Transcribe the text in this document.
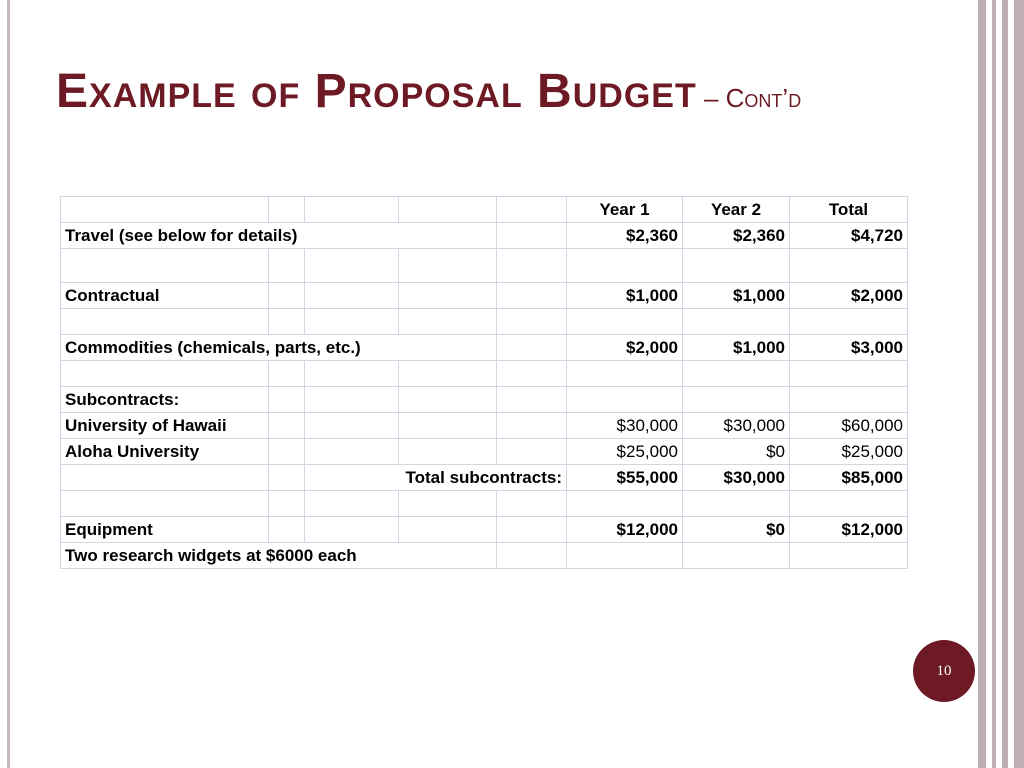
Example of Proposal Budget – Cont’d
					Year 1	Year 2	Total
Travel (see below for details)					$2,360	$2,360	$4,720

Contractual					$1,000	$1,000	$2,000

Commodities (chemicals, parts, etc.)					$2,000	$1,000	$3,000

Subcontracts:							
University of Hawaii					$30,000	$30,000	$60,000
Aloha University					$25,000	$0	$25,000
		Total subcontracts:			$55,000	$30,000	$85,000

Equipment					$12,000	$0	$12,000
Two research widgets at $6000 each							
10
